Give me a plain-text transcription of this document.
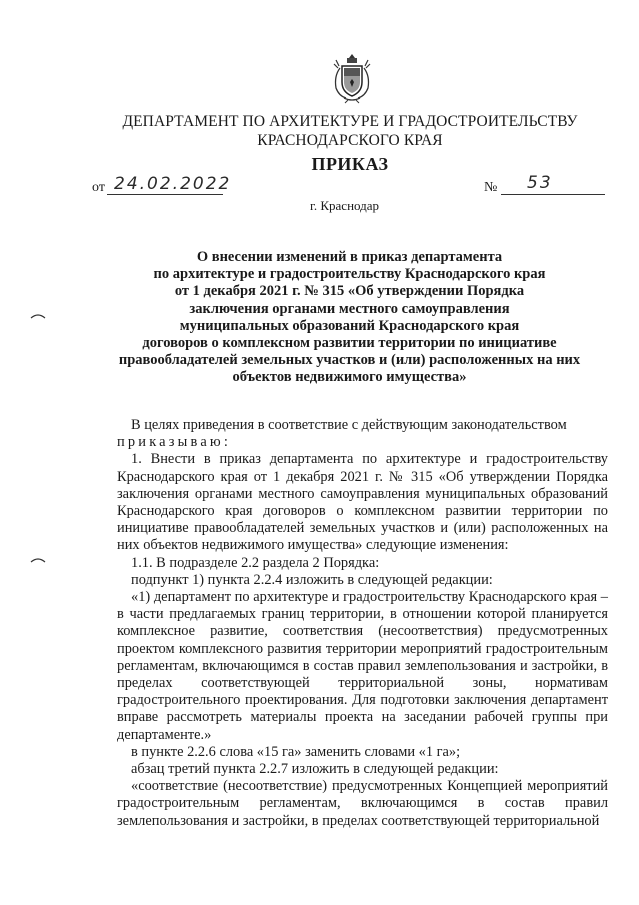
ДЕПАРТАМЕНТ ПО АРХИТЕКТУРЕ И ГРАДОСТРОИТЕЛЬСТВУ
КРАСНОДАРСКОГО КРАЯ
ПРИКАЗ
от 24.02.2022	№ 53
г. Краснодар
О внесении изменений в приказ департамента
по архитектуре и градостроительству Краснодарского края
от 1 декабря 2021 г. № 315 «Об утверждении Порядка
заключения органами местного самоуправления
муниципальных образований Краснодарского края
договоров о комплексном развитии территории по инициативе
правообладателей земельных участков и (или) расположенных на них
объектов недвижимого имущества»

В целях приведения в соответствие с действующим законодательством

приказываю:

1. Внести в приказ департамента по архитектуре и градостроительству Краснодарского края от 1 декабря 2021 г. № 315 «Об утверждении Порядка заключения органами местного самоуправления муниципальных образований Краснодарского края договоров о комплексном развитии территории по инициативе правообладателей земельных участков и (или) расположенных на них объектов недвижимого имущества» следующие изменения:

1.1. В подразделе 2.2 раздела 2 Порядка:

подпункт 1) пункта 2.2.4 изложить в следующей редакции:

«1) департамент по архитектуре и градостроительству Краснодарского края – в части предлагаемых границ территории, в отношении которой планируется комплексное развитие, соответствия (несоответствия) предусмотренных проектом комплексного развития территории мероприятий градостроительным регламентам, включающимся в состав правил землепользования и застройки, в пределах соответствующей территориальной зоны, нормативам градостроительного проектирования. Для подготовки заключения департамент вправе рассмотреть материалы проекта на заседании рабочей группы при департаменте.»

в пункте 2.2.6 слова «15 га» заменить словами «1 га»;

абзац третий пункта 2.2.7 изложить в следующей редакции:

«соответствие (несоответствие) предусмотренных Концепцией мероприятий градостроительным регламентам, включающимся в состав правил землепользования и застройки, в пределах соответствующей территориальной
